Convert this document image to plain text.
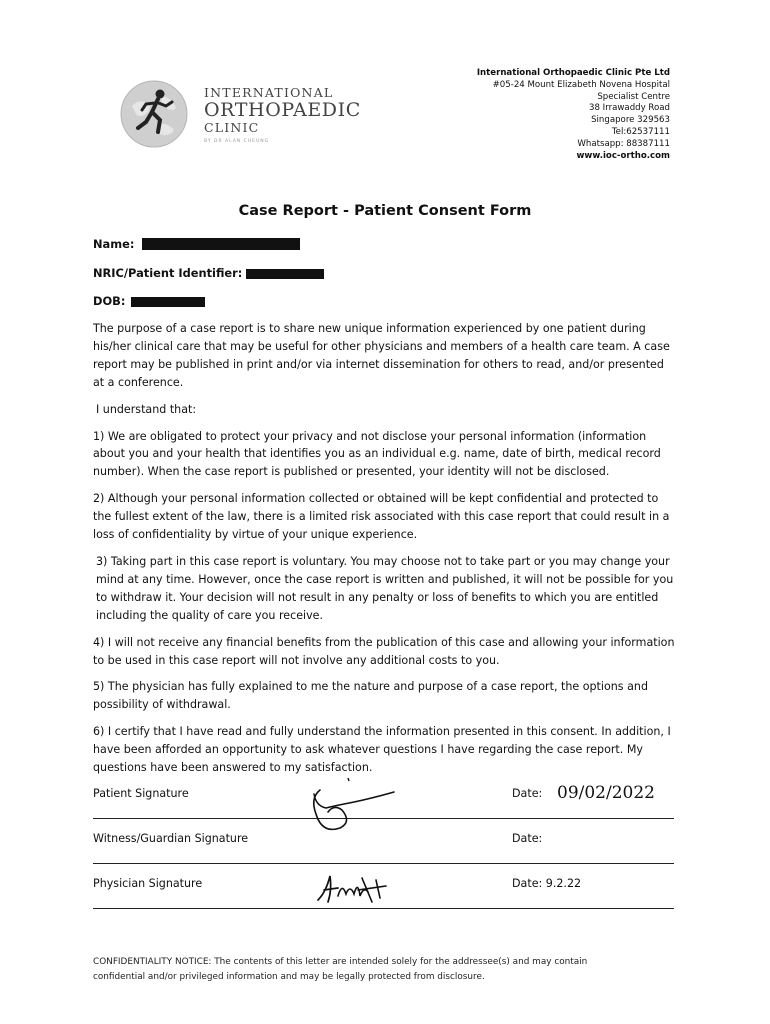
INTERNATIONAL
ORTHOPAEDIC
CLINIC
BY DR ALAN CHEUNG
International Orthopaedic Clinic Pte Ltd
#05-24 Mount Elizabeth Novena Hospital
Specialist Centre
38 Irrawaddy Road
Singapore 329563
Tel:62537111
Whatsapp: 88387111
www.ioc-ortho.com
Case Report - Patient Consent Form
Name:
NRIC/Patient Identifier:
DOB:

The purpose of a case report is to share new unique information experienced by one patient during his/her clinical care that may be useful for other physicians and members of a health care team. A case report may be published in print and/or via internet dissemination for others to read, and/or presented at a conference.

I understand that:

1) We are obligated to protect your privacy and not disclose your personal information (information about you and your health that identifies you as an individual e.g. name, date of birth, medical record number). When the case report is published or presented, your identity will not be disclosed.

2) Although your personal information collected or obtained will be kept confidential and protected to the fullest extent of the law, there is a limited risk associated with this case report that could result in a loss of confidentiality by virtue of your unique experience.

3) Taking part in this case report is voluntary. You may choose not to take part or you may change your mind at any time. However, once the case report is written and published, it will not be possible for you to withdraw it. Your decision will not result in any penalty or loss of benefits to which you are entitled including the quality of care you receive.

4) I will not receive any financial benefits from the publication of this case and allowing your information to be used in this case report will not involve any additional costs to you.

5) The physician has fully explained to me the nature and purpose of a case report, the options and possibility of withdrawal.

6) I certify that I have read and fully understand the information presented in this consent. In addition, I have been afforded an opportunity to ask whatever questions I have regarding the case report. My questions have been answered to my satisfaction.

Patient Signature	Date: 09/02/2022
Witness/Guardian Signature	Date:
Physician Signature	Date: 9.2.22
CONFIDENTIALITY NOTICE: The contents of this letter are intended solely for the addressee(s) and may contain confidential and/or privileged information and may be legally protected from disclosure.
